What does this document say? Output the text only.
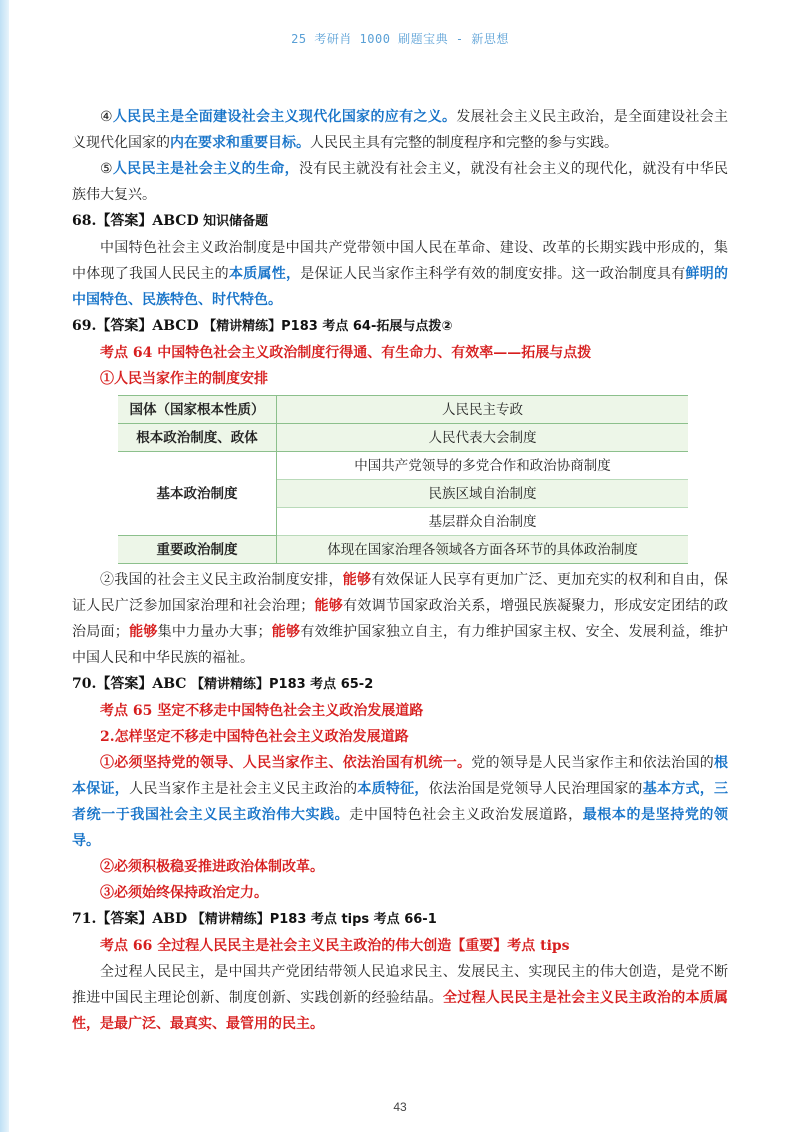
25 考研肖 1000 刷题宝典 - 新思想

④人民民主是全面建设社会主义现代化国家的应有之义。发展社会主义民主政治，是全面建设社会主义现代化国家的内在要求和重要目标。人民民主具有完整的制度程序和完整的参与实践。

⑤人民民主是社会主义的生命，没有民主就没有社会主义，就没有社会主义的现代化，就没有中华民族伟大复兴。

68.【答案】ABCD 知识储备题

中国特色社会主义政治制度是中国共产党带领中国人民在革命、建设、改革的长期实践中形成的，集中体现了我国人民民主的本质属性，是保证人民当家作主科学有效的制度安排。这一政治制度具有鲜明的中国特色、民族特色、时代特色。

69.【答案】ABCD 【精讲精练】P183 考点 64-拓展与点拨②

考点 64 中国特色社会主义政治制度行得通、有生命力、有效率——拓展与点拨

①人民当家作主的制度安排

国体（国家根本性质）	人民民主专政
根本政治制度、政体	人民代表大会制度
基本政治制度	中国共产党领导的多党合作和政治协商制度
	民族区域自治制度
	基层群众自治制度
重要政治制度	体现在国家治理各领域各方面各环节的具体政治制度

②我国的社会主义民主政治制度安排，能够有效保证人民享有更加广泛、更加充实的权利和自由，保证人民广泛参加国家治理和社会治理；能够有效调节国家政治关系，增强民族凝聚力，形成安定团结的政治局面；能够集中力量办大事；能够有效维护国家独立自主，有力维护国家主权、安全、发展利益，维护中国人民和中华民族的福祉。

70.【答案】ABC 【精讲精练】P183 考点 65-2

考点 65 坚定不移走中国特色社会主义政治发展道路

2.怎样坚定不移走中国特色社会主义政治发展道路

①必须坚持党的领导、人民当家作主、依法治国有机统一。党的领导是人民当家作主和依法治国的根本保证，人民当家作主是社会主义民主政治的本质特征，依法治国是党领导人民治理国家的基本方式，三者统一于我国社会主义民主政治伟大实践。走中国特色社会主义政治发展道路，最根本的是坚持党的领导。

②必须积极稳妥推进政治体制改革。

③必须始终保持政治定力。

71.【答案】ABD 【精讲精练】P183 考点 tips 考点 66-1

考点 66 全过程人民民主是社会主义民主政治的伟大创造【重要】考点 tips

全过程人民民主，是中国共产党团结带领人民追求民主、发展民主、实现民主的伟大创造，是党不断推进中国民主理论创新、制度创新、实践创新的经验结晶。全过程人民民主是社会主义民主政治的本质属性，是最广泛、最真实、最管用的民主。

43
